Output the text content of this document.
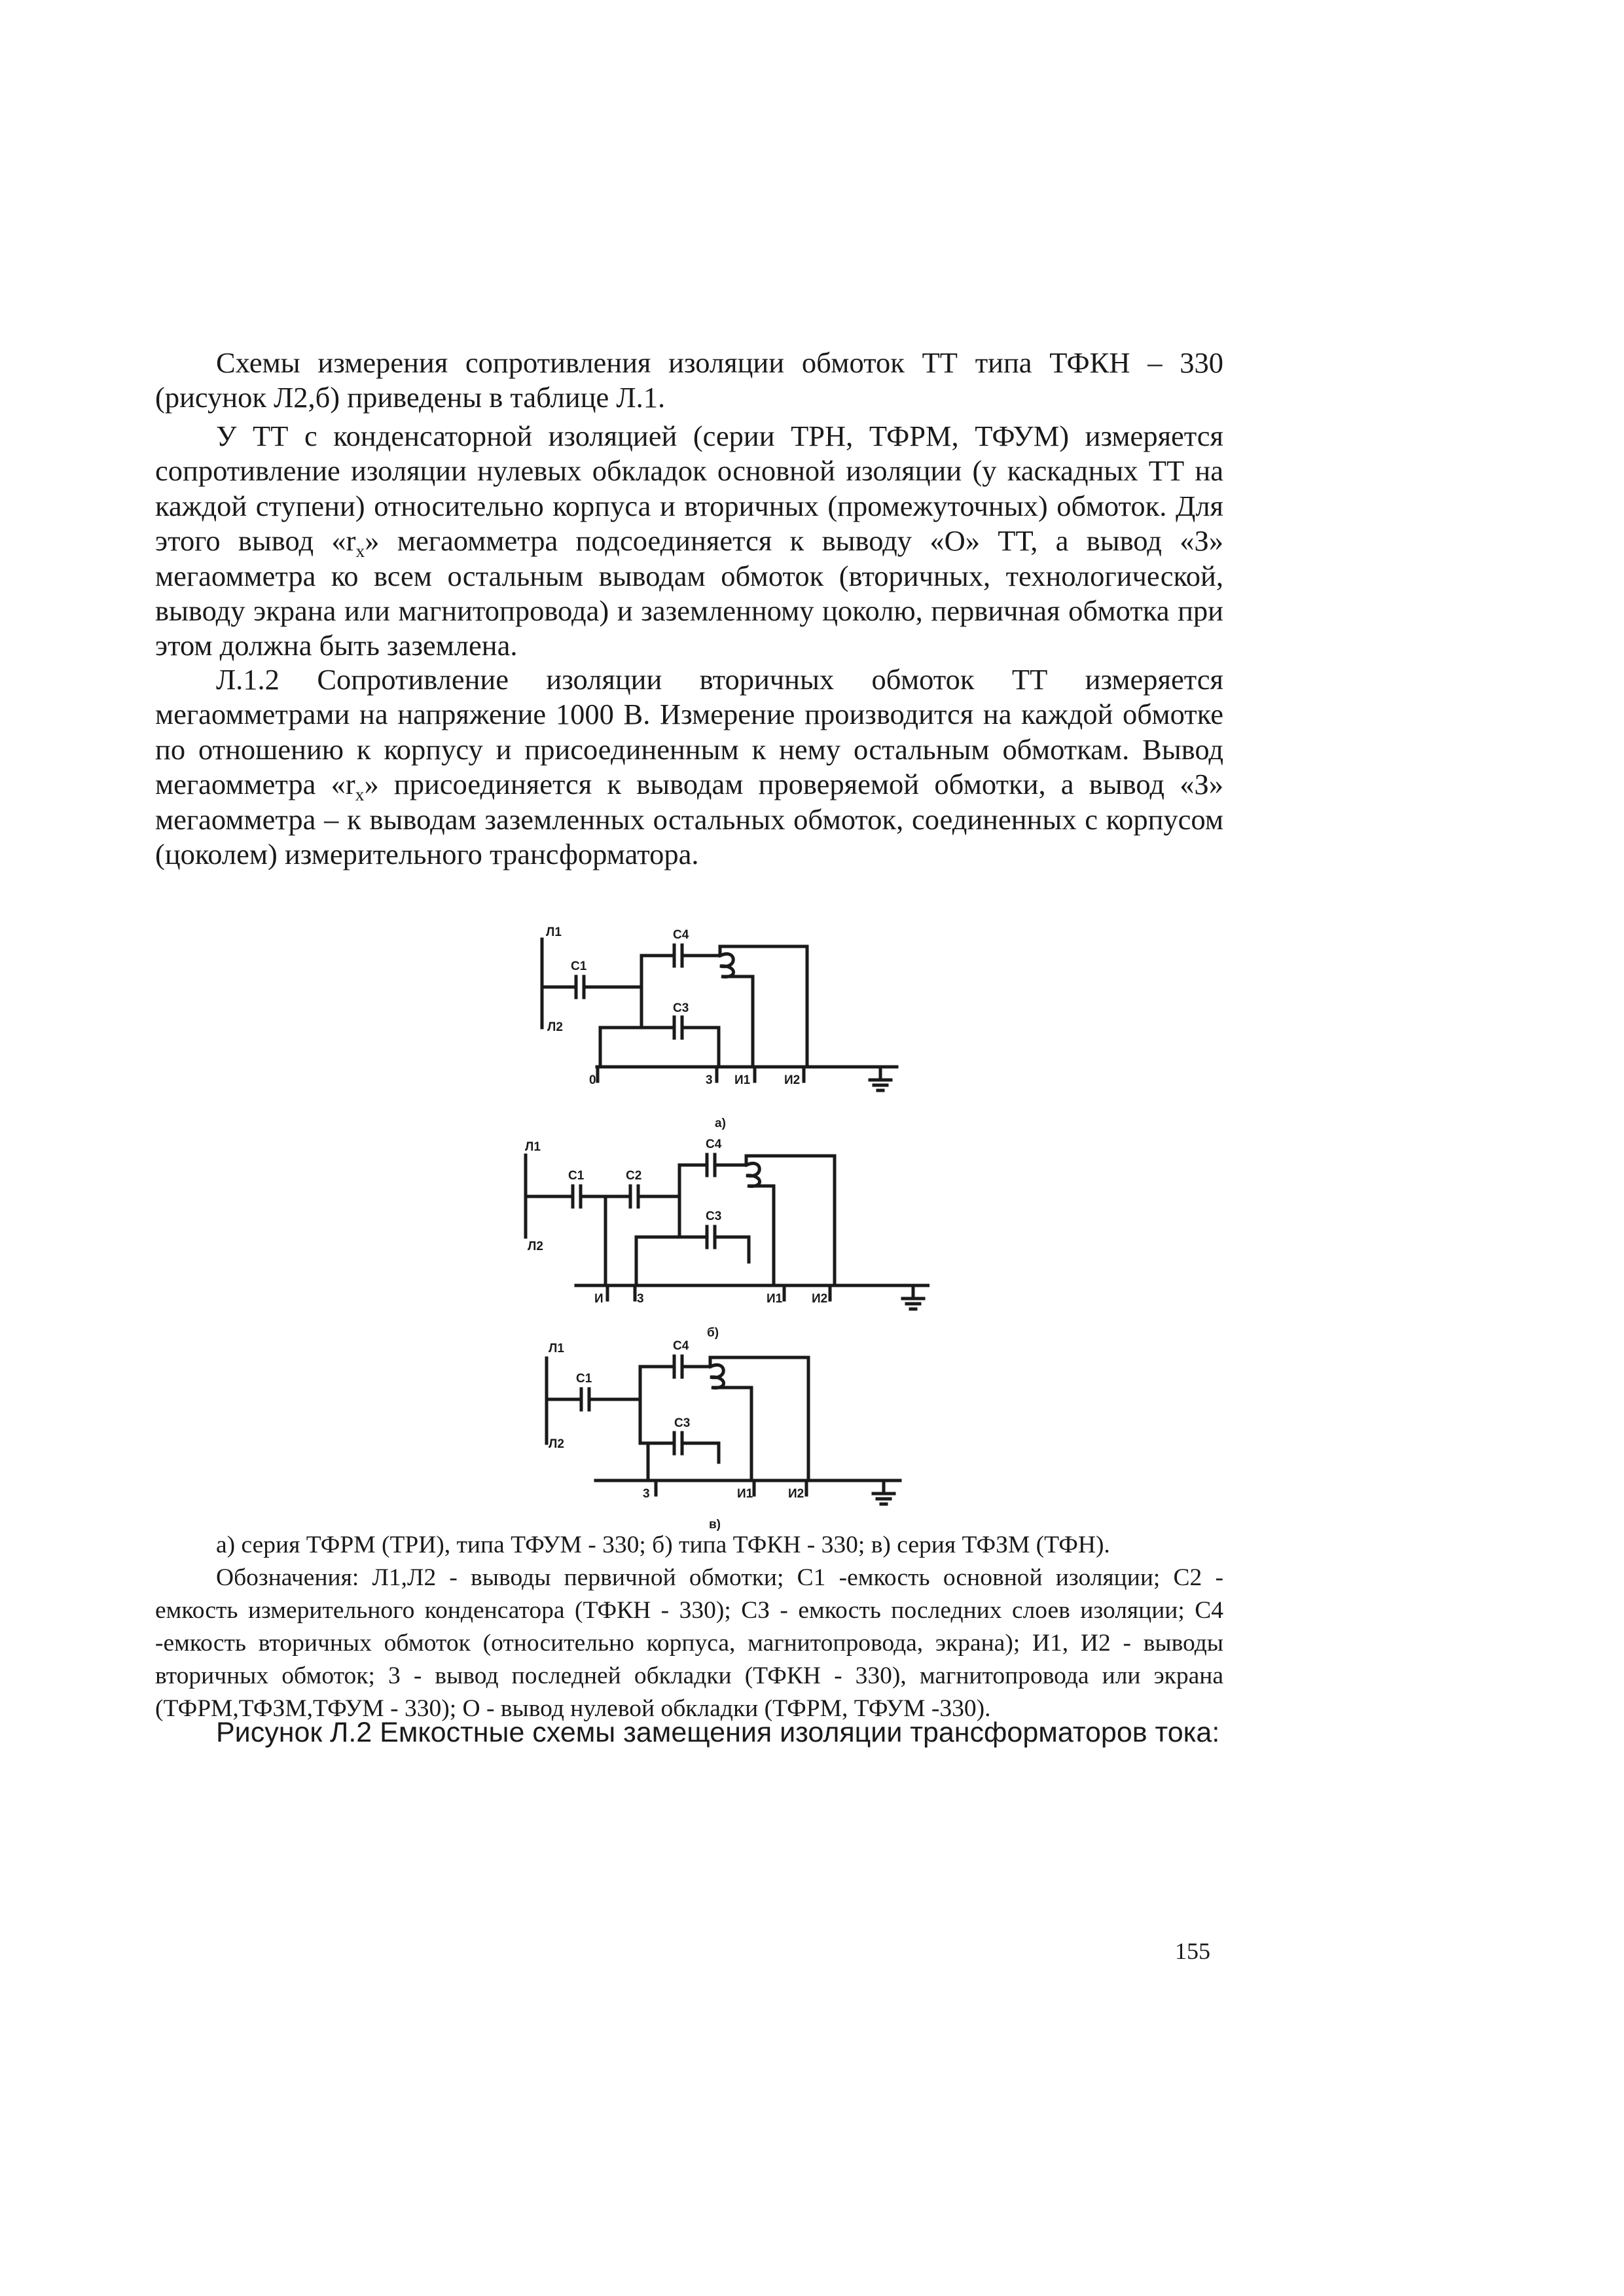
Схемы измерения сопротивления изоляции обмоток ТТ типа ТФКН – 330 (рисунок Л2,б) приведены в таблице Л.1.

У ТТ с конденсаторной изоляцией (серии ТРН, ТФРМ, ТФУМ) измеряется сопротивление изоляции нулевых обкладок основной изоляции (у каскадных ТТ на каждой ступени) относительно корпуса и вторичных (промежуточных) обмоток. Для этого вывод «$r_x$» мегаомметра подсоединяется к выводу «О» ТТ, а вывод «З» мегаомметра ко всем остальным выводам обмоток (вторичных, технологической, выводу экрана или магнитопровода) и заземленному цоколю, первичная обмотка при этом должна быть заземлена.

Л.1.2 Сопротивление изоляции вторичных обмоток ТТ измеряется мегаомметрами на напряжение 1000 В. Измерение производится на каждой обмотке по отношению к корпусу и присоединенным к нему остальным обмоткам. Вывод мегаомметра «$r_x$» присоединяется к выводам проверяемой обмотки, а вывод «З» мегаомметра – к выводам заземленных остальных обмоток, соединенных с корпусом (цоколем) измерительного трансформатора.

Л1
Л2
С1
С4
С3
0	3 И1	И2
а)
Л1
Л2
С1	С2
С4
С3
И	3	И1 И2
б)
Л1
Л2
С1
С4
С3
3	И1	И2
в)

а) серия ТФРМ (ТРИ), типа ТФУМ - 330; б) типа ТФКН - 330; в) серия ТФЗМ (ТФН).

Обозначения: Л1,Л2 - выводы первичной обмотки; С1 -емкость основной изоляции; С2 - емкость измерительного конденсатора (ТФКН - 330); СЗ - емкость последних слоев изоляции; С4 -емкость вторичных обмоток (относительно корпуса, магнитопровода, экрана); И1, И2 - выводы вторичных обмоток; 3 - вывод последней обкладки (ТФКН - 330), магнитопровода или экрана (ТФРМ,ТФЗМ,ТФУМ - 330); О - вывод нулевой обкладки (ТФРМ, ТФУМ -330).

Рисунок Л.2 Емкостные схемы замещения изоляции трансформаторов тока:

155
